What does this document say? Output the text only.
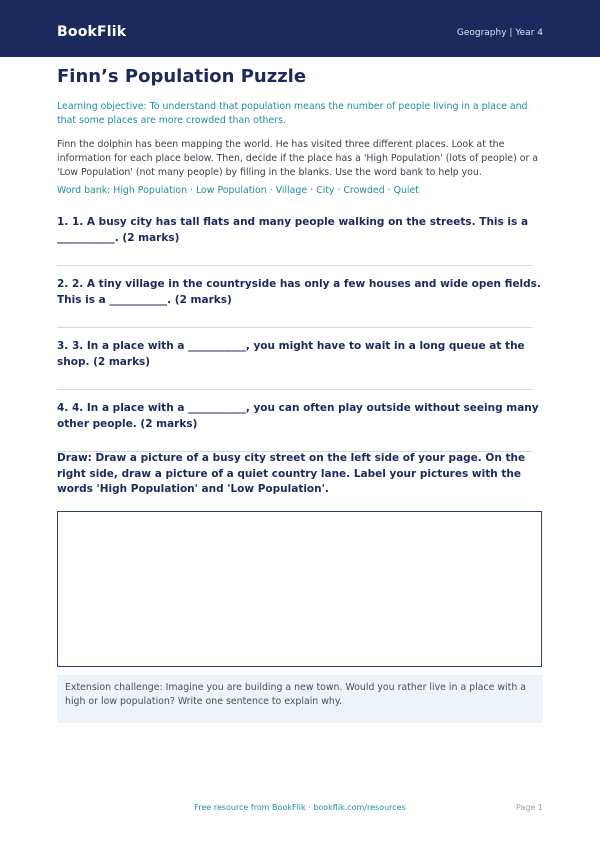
BookFlik	Geography | Year 4
Finn’s Population Puzzle
Learning objective: To understand that population means the number of people living in a place and that some places are more crowded than others.
Finn the dolphin has been mapping the world. He has visited three different places. Look at the information for each place below. Then, decide if the place has a 'High Population' (lots of people) or a 'Low Population' (not many people) by filling in the blanks. Use the word bank to help you.
Word bank: High Population · Low Population · Village · City · Crowded · Quiet
1. 1. A busy city has tall flats and many people walking on the streets. This is a ___________. (2 marks)
2. 2. A tiny village in the countryside has only a few houses and wide open fields. This is a ___________. (2 marks)
3. 3. In a place with a ___________, you might have to wait in a long queue at the shop. (2 marks)
4. 4. In a place with a ___________, you can often play outside without seeing many other people. (2 marks)
Draw: Draw a picture of a busy city street on the left side of your page. On the right side, draw a picture of a quiet country lane. Label your pictures with the words 'High Population' and 'Low Population'.
Extension challenge: Imagine you are building a new town. Would you rather live in a place with a high or low population? Write one sentence to explain why.
Free resource from BookFlik · bookflik.com/resources	Page 1
